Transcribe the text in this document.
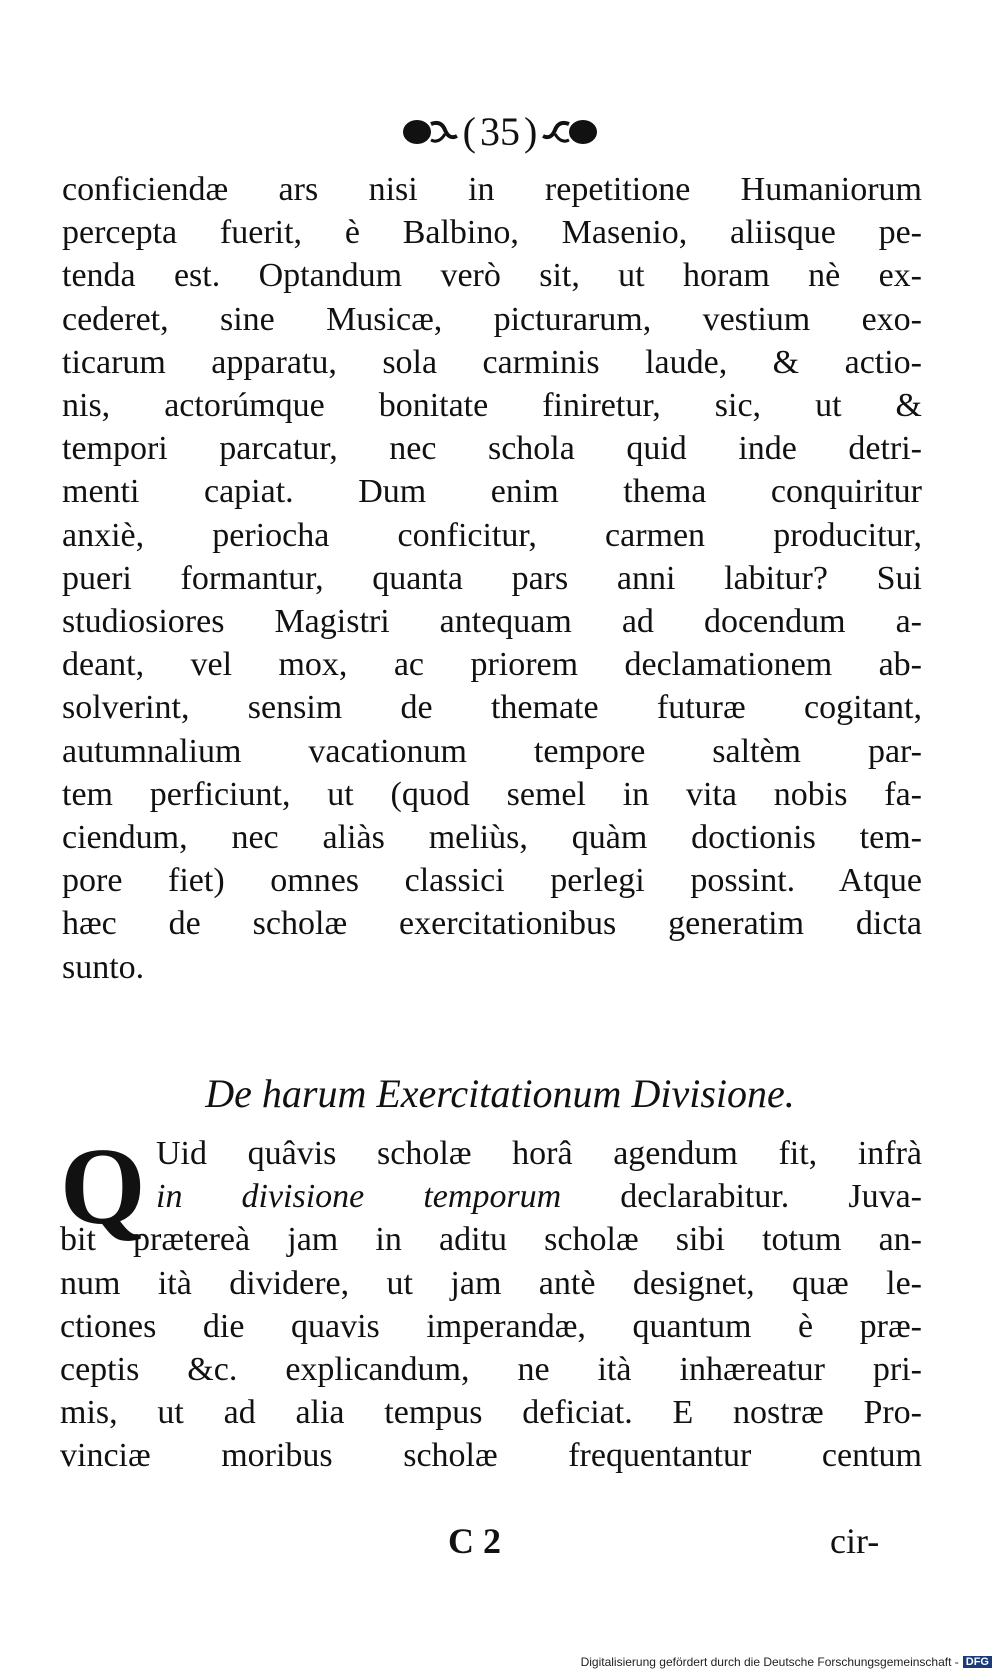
( 35 )
conficiendæ ars nisi in repetitione Humaniorum
percepta fuerit, è Balbino, Masenio, aliisque pe-
tenda est. Optandum verò sit, ut horam nè ex-
cederet, sine Musicæ, picturarum, vestium exo-
ticarum apparatu, sola carminis laude, & actio-
nis, actorúmque bonitate finiretur, sic, ut &
tempori parcatur, nec schola quid inde detri-
menti capiat. Dum enim thema conquiritur
anxiè, periocha conficitur, carmen producitur,
pueri formantur, quanta pars anni labitur? Sui
studiosiores Magistri antequam ad docendum a-
deant, vel mox, ac priorem declamationem ab-
solverint, sensim de themate futuræ cogitant,
autumnalium vacationum tempore saltèm par-
tem perficiunt, ut (quod semel in vita nobis fa-
ciendum, nec aliàs meliùs, quàm doctionis tem-
pore fiet) omnes classici perlegi possint. Atque
hæc de scholæ exercitationibus generatim dicta
sunto.
De harum Exercitationum Divisione.
Q Uid quâvis scholæ horâ agendum fit, infrà
in divisione temporum declarabitur. Juva-
bit prætereà jam in aditu scholæ sibi totum an-
num ità dividere, ut jam antè designet, quæ le-
ctiones die quavis imperandæ, quantum è præ-
ceptis &c. explicandum, ne ità inhæreatur pri-
mis, ut ad alia tempus deficiat. E nostræ Pro-
vinciæ moribus scholæ frequentantur centum
C 2	cir-
Digitalisierung gefördert durch die Deutsche Forschungsgemeinschaft - DFG
